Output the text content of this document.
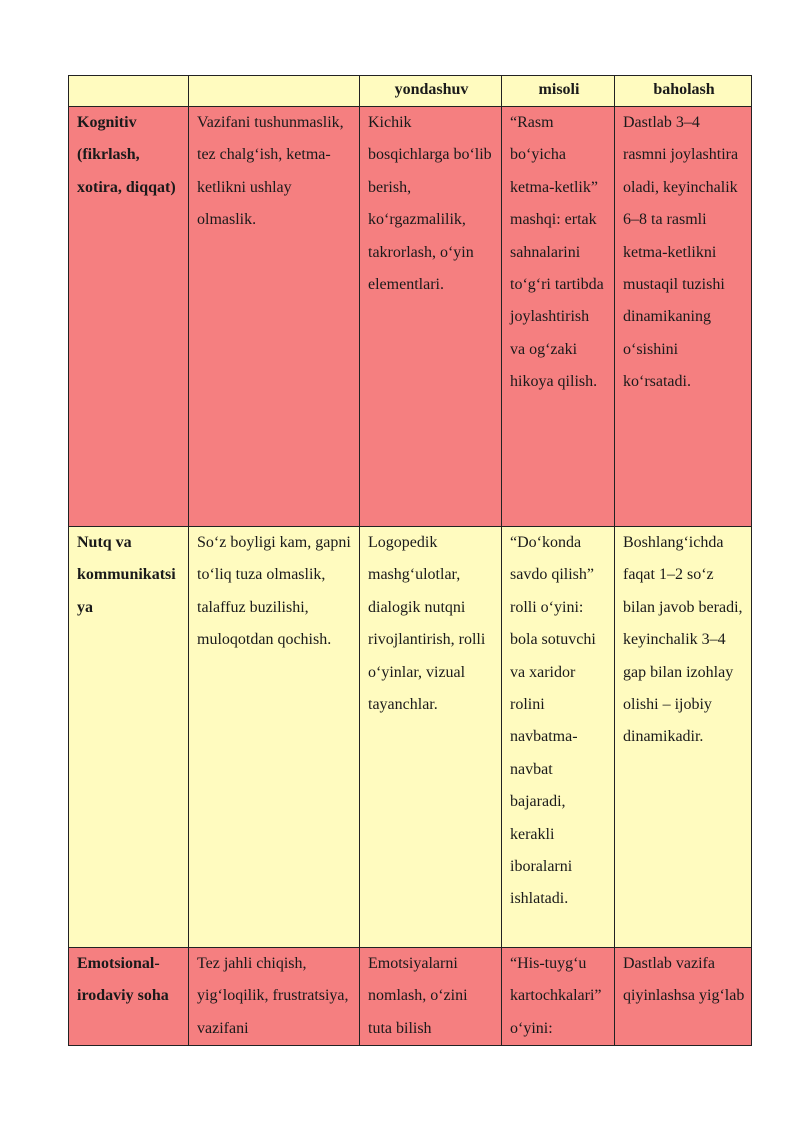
		yondashuv	misoli	baholash
Kognitiv (fikrlash, xotira, diqqat)	Vazifani tushunmaslik, tez chalg‘ish, ketma-ketlikni ushlay olmaslik.	Kichik bosqichlarga bo‘lib berish, ko‘rgazmalilik, takrorlash, o‘yin elementlari.	“Rasm bo‘yicha ketma-ketlik” mashqi: ertak sahnalarini to‘g‘ri tartibda joylashtirish va og‘zaki hikoya qilish.	Dastlab 3–4 rasmni joylashtira oladi, keyinchalik 6–8 ta rasmli ketma-ketlikni mustaqil tuzishi dinamikaning o‘sishini ko‘rsatadi.
Nutq va kommunikatsiya	So‘z boyligi kam, gapni to‘liq tuza olmaslik, talaffuz buzilishi, muloqotdan qochish.	Logopedik mashg‘ulotlar, dialogik nutqni rivojlantirish, rolli o‘yinlar, vizual tayanchlar.	“Do‘konda savdo qilish” rolli o‘yini: bola sotuvchi va xaridor rolini navbatma-navbat bajaradi, kerakli iboralarni ishlatadi.	Boshlang‘ichda faqat 1–2 so‘z bilan javob beradi, keyinchalik 3–4 gap bilan izohlay olishi – ijobiy dinamikadir.
Emotsional-irodaviy soha	Tez jahli chiqish, yig‘loqilik, frustratsiya, vazifani	Emotsiyalarni nomlash, o‘zini tuta bilish	“His-tuyg‘u kartochkalari” o‘yini:	Dastlab vazifa qiyinlashsa yig‘lab
